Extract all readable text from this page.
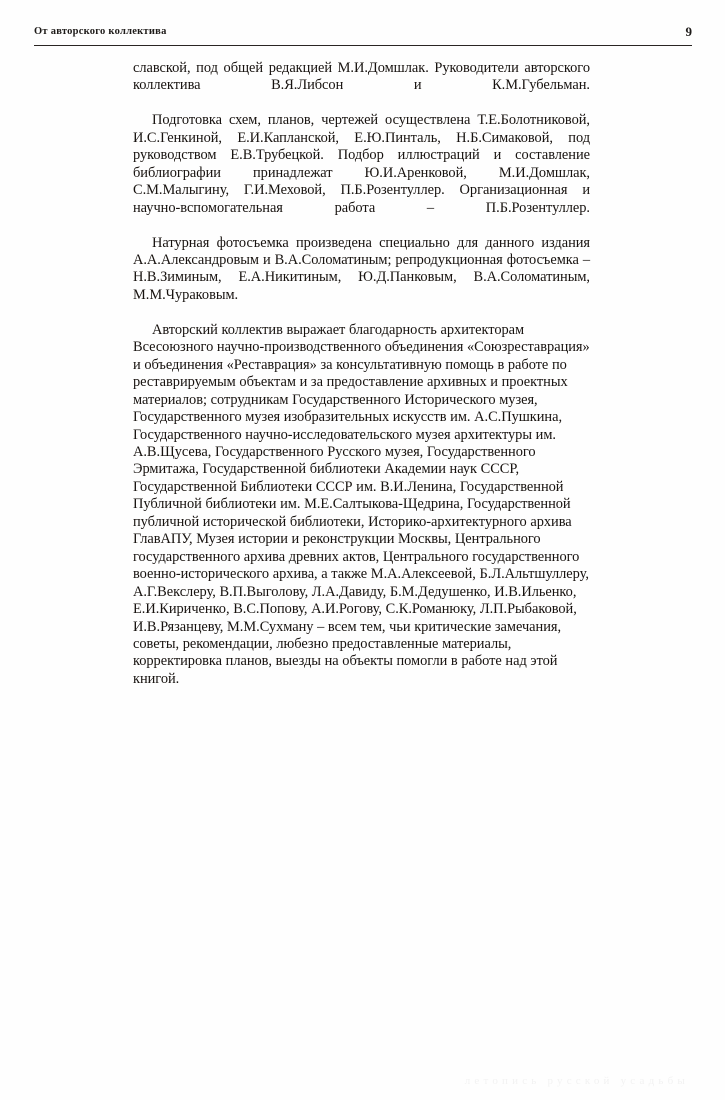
От авторского коллектива	9

славской, под общей редакцией М.И.Домшлак. Руководители авторского коллектива В.Я.Либсон и К.М.Губельман.

Подготовка схем, планов, чертежей осуществлена Т.Е.Болотниковой, И.С.Генкиной, Е.И.Капланской, Е.Ю.Пинталь, Н.Б.Симаковой, под руководством Е.В.Трубецкой. Подбор иллюстраций и составление библиографии принадлежат Ю.И.Аренковой, М.И.Домшлак, С.М.Малыгину, Г.И.Меховой, П.Б.Розентуллер. Организационная и научно-вспомогательная работа – П.Б.Розентуллер.

Натурная фотосъемка произведена специально для данного издания А.А.Александровым и В.А.Соломатиным; репродукционная фотосъемка – Н.В.Зиминым, Е.А.Никитиным, Ю.Д.Панковым, В.А.Соломатиным, М.М.Чураковым.

Авторский коллектив выражает благодарность архитекторам Всесоюзного научно-производственного объединения «Союзреставрация» и объединения «Реставрация» за консультативную помощь в работе по реставрируемым объектам и за предоставление архивных и проектных материалов; сотрудникам Государственного Исторического музея, Государственного музея изобразительных искусств им. А.С.Пушкина, Государственного научно-исследовательского музея архитектуры им. А.В.Щусева, Государственного Русского музея, Государственного Эрмитажа, Государственной библиотеки Академии наук СССР, Государственной Библиотеки СССР им. В.И.Ленина, Государственной Публичной библиотеки им. М.Е.Салтыкова-Щедрина, Государственной публичной исторической библиотеки, Историко-архитектурного архива ГлавАПУ, Музея истории и реконструкции Москвы, Центрального государственного архива древних актов, Центрального государственного военно-исторического архива, а также М.А.Алексеевой, Б.Л.Альтшуллеру, А.Г.Векслеру, В.П.Выголову, Л.А.Давиду, Б.М.Дедушенко, И.В.Ильенко, Е.И.Кириченко, В.С.Попову, А.И.Рогову, С.К.Романюку, Л.П.Рыбаковой, И.В.Рязанцеву, М.М.Сухману – всем тем, чьи критические замечания, советы, рекомендации, любезно предоставленные материалы, корректировка планов, выезды на объекты помогли в работе над этой книгой.

летопись русской усадьбы
